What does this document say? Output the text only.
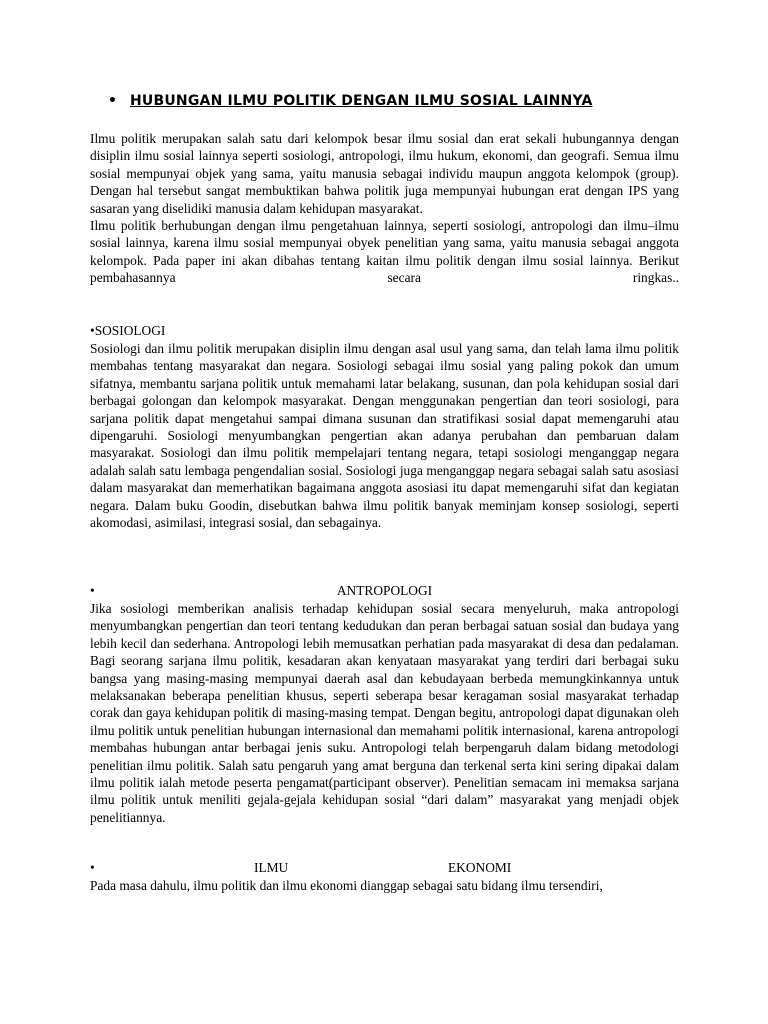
• HUBUNGAN ILMU POLITIK DENGAN ILMU SOSIAL LAINNYA

Ilmu politik merupakan salah satu dari kelompok besar ilmu sosial dan erat sekali hubungannya dengan disiplin ilmu sosial lainnya seperti sosiologi, antropologi, ilmu hukum, ekonomi, dan geografi. Semua ilmu sosial mempunyai objek yang sama, yaitu manusia sebagai individu maupun anggota kelompok (group). Dengan hal tersebut sangat membuktikan bahwa politik juga mempunyai hubungan erat dengan IPS yang sasaran yang diselidiki manusia dalam kehidupan masyarakat.

Ilmu politik berhubungan dengan ilmu pengetahuan lainnya, seperti sosiologi, antropologi dan ilmu–ilmu sosial lainnya, karena ilmu sosial mempunyai obyek penelitian yang sama, yaitu manusia sebagai anggota kelompok. Pada paper ini akan dibahas tentang kaitan ilmu politik dengan ilmu sosial lainnya. Berikut pembahasannya secara ringkas..

•SOSIOLOGI

Sosiologi dan ilmu politik merupakan disiplin ilmu dengan asal usul yang sama, dan telah lama ilmu politik membahas tentang masyarakat dan negara. Sosiologi sebagai ilmu sosial yang paling pokok dan umum sifatnya, membantu sarjana politik untuk memahami latar belakang, susunan, dan pola kehidupan sosial dari berbagai golongan dan kelompok masyarakat. Dengan menggunakan pengertian dan teori sosiologi, para sarjana politik dapat mengetahui sampai dimana susunan dan stratifikasi sosial dapat memengaruhi atau dipengaruhi. Sosiologi menyumbangkan pengertian akan adanya perubahan dan pembaruan dalam masyarakat. Sosiologi dan ilmu politik mempelajari tentang negara, tetapi sosiologi menganggap negara adalah salah satu lembaga pengendalian sosial. Sosiologi juga menganggap negara sebagai salah satu asosiasi dalam masyarakat dan memerhatikan bagaimana anggota asosiasi itu dapat memengaruhi sifat dan kegiatan negara. Dalam buku Goodin, disebutkan bahwa ilmu politik banyak meminjam konsep sosiologi, seperti akomodasi, asimilasi, integrasi sosial, dan sebagainya.

•	ANTROPOLOGI

Jika sosiologi memberikan analisis terhadap kehidupan sosial secara menyeluruh, maka antropologi menyumbangkan pengertian dan teori tentang kedudukan dan peran berbagai satuan sosial dan budaya yang lebih kecil dan sederhana. Antropologi lebih memusatkan perhatian pada masyarakat di desa dan pedalaman. Bagi seorang sarjana ilmu politik, kesadaran akan kenyataan masyarakat yang terdiri dari berbagai suku bangsa yang masing-masing mempunyai daerah asal dan kebudayaan berbeda memungkinkannya untuk melaksanakan beberapa penelitian khusus, seperti seberapa besar keragaman sosial masyarakat terhadap corak dan gaya kehidupan politik di masing-masing tempat. Dengan begitu, antropologi dapat digunakan oleh ilmu politik untuk penelitian hubungan internasional dan memahami politik internasional, karena antropologi membahas hubungan antar berbagai jenis suku. Antropologi telah berpengaruh dalam bidang metodologi penelitian ilmu politik. Salah satu pengaruh yang amat berguna dan terkenal serta kini sering dipakai dalam ilmu politik ialah metode peserta pengamat(participant observer). Penelitian semacam ini memaksa sarjana ilmu politik untuk meniliti gejala-gejala kehidupan sosial “dari dalam” masyarakat yang menjadi objek penelitiannya.

•	ILMU	EKONOMI

Pada masa dahulu, ilmu politik dan ilmu ekonomi dianggap sebagai satu bidang ilmu tersendiri,
